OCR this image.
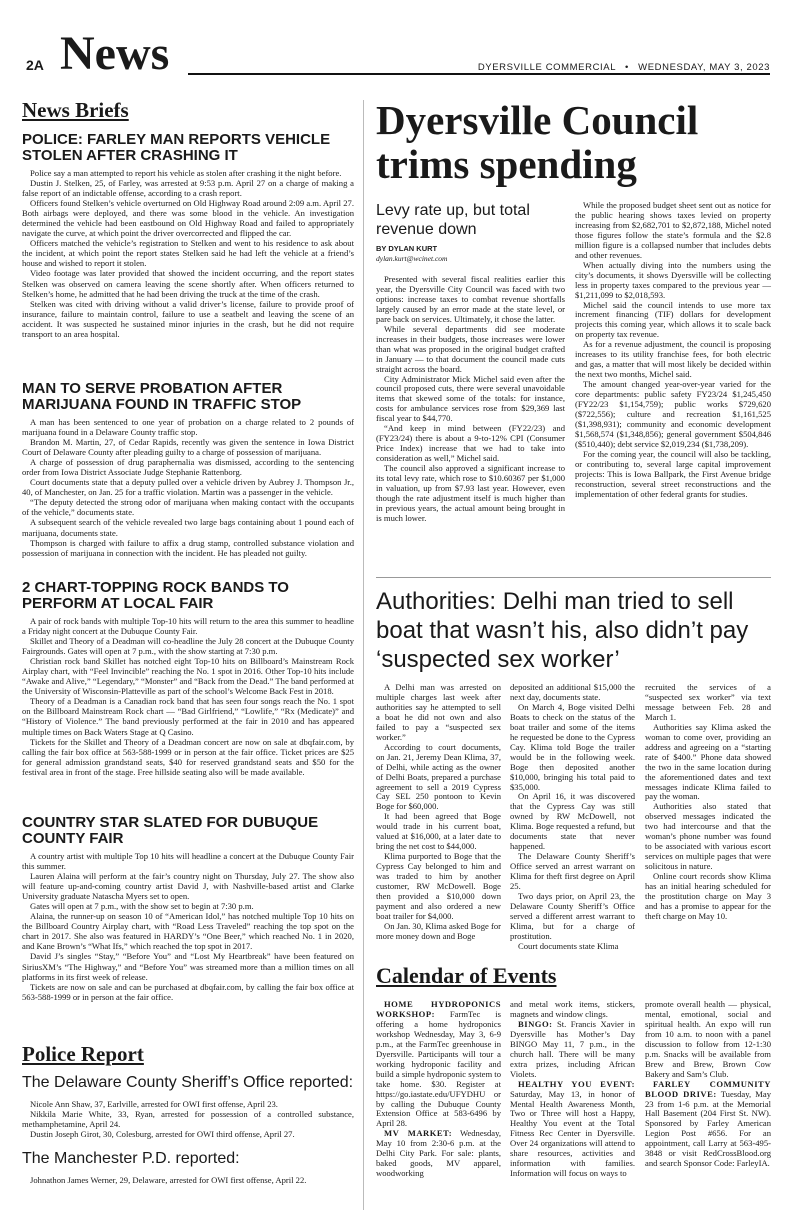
2A News	DYERSVILLE COMMERCIAL • WEDNESDAY, MAY 3, 2023
News Briefs
POLICE: FARLEY MAN REPORTS VEHICLE STOLEN AFTER CRASHING IT

Police say a man attempted to report his vehicle as stolen after crashing it the night before.

Dustin J. Stelken, 25, of Farley, was arrested at 9:53 p.m. April 27 on a charge of making a false report of an indictable offense, according to a crash report.

Officers found Stelken’s vehicle overturned on Old Highway Road around 2:09 a.m. April 27. Both airbags were deployed, and there was some blood in the vehicle. An investigation determined the vehicle had been eastbound on Old Highway Road and failed to appropriately navigate the curve, at which point the driver overcorrected and flipped the car.

Officers matched the vehicle’s registration to Stelken and went to his residence to ask about the incident, at which point the report states Stelken said he had left the vehicle at a friend’s house and wished to report it stolen.

Video footage was later provided that showed the incident occurring, and the report states Stelken was observed on camera leaving the scene shortly after. When officers returned to Stelken’s home, he admitted that he had been driving the truck at the time of the crash.

Stelken was cited with driving without a valid driver’s license, failure to provide proof of insurance, failure to maintain control, failure to use a seatbelt and leaving the scene of an accident. It was suspected he sustained minor injuries in the crash, but he did not require transport to an area hospital.

MAN TO SERVE PROBATION AFTER MARIJUANA FOUND IN TRAFFIC STOP

A man has been sentenced to one year of probation on a charge related to 2 pounds of marijuana found in a Delaware County traffic stop.

Brandon M. Martin, 27, of Cedar Rapids, recently was given the sentence in Iowa District Court of Delaware County after pleading guilty to a charge of possession of marijuana.

A charge of possession of drug paraphernalia was dismissed, according to the sentencing order from Iowa District Associate Judge Stephanie Rattenborg.

Court documents state that a deputy pulled over a vehicle driven by Aubrey J. Thompson Jr., 40, of Manchester, on Jan. 25 for a traffic violation. Martin was a passenger in the vehicle.

“The deputy detected the strong odor of marijuana when making contact with the occupants of the vehicle,” documents state.

A subsequent search of the vehicle revealed two large bags containing about 1 pound each of marijuana, documents state.

Thompson is charged with failure to affix a drug stamp, controlled substance violation and possession of marijuana in connection with the incident. He has pleaded not guilty.

2 CHART-TOPPING ROCK BANDS TO PERFORM AT LOCAL FAIR

A pair of rock bands with multiple Top-10 hits will return to the area this summer to headline a Friday night concert at the Dubuque County Fair.

Skillet and Theory of a Deadman will co-headline the July 28 concert at the Dubuque County Fairgrounds. Gates will open at 7 p.m., with the show starting at 7:30 p.m.

Christian rock band Skillet has notched eight Top-10 hits on Billboard’s Mainstream Rock Airplay chart, with “Feel Invincible” reaching the No. 1 spot in 2016. Other Top-10 hits include “Awake and Alive,” “Legendary,” “Monster” and “Back from the Dead.” The band performed at the University of Wisconsin-Platteville as part of the school’s Welcome Back Fest in 2018.

Theory of a Deadman is a Canadian rock band that has seen four songs reach the No. 1 spot on the Billboard Mainstream Rock chart — “Bad Girlfriend,” “Lowlife,” “Rx (Medicate)” and “History of Violence.” The band previously performed at the fair in 2010 and has appeared multiple times on Back Waters Stage at Q Casino.

Tickets for the Skillet and Theory of a Deadman concert are now on sale at dbqfair.com, by calling the fair box office at 563-588-1999 or in person at the fair office. Ticket prices are $25 for general admission grandstand seats, $40 for reserved grandstand seats and $50 for the festival area in front of the stage. Free hillside seating also will be made available.

COUNTRY STAR SLATED FOR DUBUQUE COUNTY FAIR

A country artist with multiple Top 10 hits will headline a concert at the Dubuque County Fair this summer.

Lauren Alaina will perform at the fair’s country night on Thursday, July 27. The show also will feature up-and-coming country artist David J, with Nashville-based artist and Clarke University graduate Natascha Myers set to open.

Gates will open at 7 p.m., with the show set to begin at 7:30 p.m.

Alaina, the runner-up on season 10 of “American Idol,” has notched multiple Top 10 hits on the Billboard Country Airplay chart, with “Road Less Traveled” reaching the top spot on the chart in 2017. She also was featured in HARDY’s “One Beer,” which reached No. 1 in 2020, and Kane Brown’s “What Ifs,” which reached the top spot in 2017.

David J’s singles “Stay,” “Before You” and “Lost My Heartbreak” have been featured on SiriusXM’s “The Highway,” and “Before You” was streamed more than a million times on all platforms in its first week of release.

Tickets are now on sale and can be purchased at dbqfair.com, by calling the fair box office at 563-588-1999 or in person at the fair office.

Police Report
The Delaware County Sheriff’s Office reported:

Nicole Ann Shaw, 37, Earlville, arrested for OWI first offense, April 23.

Nikkila Marie White, 33, Ryan, arrested for possession of a controlled substance, methamphetamine, April 24.

Dustin Joseph Girot, 30, Colesburg, arrested for OWI third offense, April 27.

The Manchester P.D. reported:

Johnathon James Werner, 29, Delaware, arrested for OWI first offense, April 22.

Dyersville Council trims spending
Levy rate up, but total revenue down
BY DYLAN KURT
dylan.kurt@wcinet.com

Presented with several fiscal realities earlier this year, the Dyersville City Council was faced with two options: increase taxes to combat revenue shortfalls largely caused by an error made at the state level, or pare back on services. Ultimately, it chose the latter.

While several departments did see moderate increases in their budgets, those increases were lower than what was proposed in the original budget crafted in January — to that document the council made cuts straight across the board.

City Administrator Mick Michel said even after the council proposed cuts, there were several unavoidable items that skewed some of the totals: for instance, costs for ambulance services rose from $29,369 last fiscal year to $44,770.

“And keep in mind between (FY22/23) and (FY23/24) there is about a 9-to-12% CPI (Consumer Price Index) increase that we had to take into consideration as well,” Michel said.

The council also approved a significant increase to its total levy rate, which rose to $10.60367 per $1,000 in valuation, up from $7.93 last year. However, even though the rate adjustment itself is much higher than in previous years, the actual amount being brought in is much lower.

While the proposed budget sheet sent out as notice for the public hearing shows taxes levied on property increasing from $2,682,701 to $2,872,188, Michel noted those figures follow the state’s formula and the $2.8 million figure is a collapsed number that includes debts and other revenues.

When actually diving into the numbers using the city’s documents, it shows Dyersville will be collecting less in property taxes compared to the previous year — $1,211,099 to $2,018,593.

Michel said the council intends to use more tax increment financing (TIF) dollars for development projects this coming year, which allows it to scale back on property tax revenue.

As for a revenue adjustment, the council is proposing increases to its utility franchise fees, for both electric and gas, a matter that will most likely be decided within the next two months, Michel said.

The amount changed year-over-year varied for the core departments: public safety FY23/24 $1,245,450 (FY22/23 $1,154,759); public works $729,620 ($722,556); culture and recreation $1,161,525 ($1,398,931); community and economic development $1,568,574 ($1,348,856); general government $504,846 ($510,440); debt service $2,019,234 ($1,738,209).

For the coming year, the council will also be tackling, or contributing to, several large capital improvement projects: This is Iowa Ballpark, the First Avenue bridge reconstruction, several street reconstructions and the implementation of other federal grants for studies.

Authorities: Delhi man tried to sell boat that wasn’t his, also didn’t pay ‘suspected sex worker’

A Delhi man was arrested on multiple charges last week after authorities say he attempted to sell a boat he did not own and also failed to pay a “suspected sex worker.”

According to court documents, on Jan. 21, Jeremy Dean Klima, 37, of Delhi, while acting as the owner of Delhi Boats, prepared a purchase agreement to sell a 2019 Cypress Cay SEL 250 pontoon to Kevin Boge for $60,000.

It had been agreed that Boge would trade in his current boat, valued at $16,000, at a later date to bring the net cost to $44,000.

Klima purported to Boge that the Cypress Cay belonged to him and was traded to him by another customer, RW McDowell. Boge then provided a $10,000 down payment and also ordered a new boat trailer for $4,000.

On Jan. 30, Klima asked Boge for more money down and Boge

deposited an additional $15,000 the next day, documents state.

On March 4, Boge visited Delhi Boats to check on the status of the boat trailer and some of the items he requested be done to the Cypress Cay. Klima told Boge the trailer would be in the following week. Boge then deposited another $10,000, bringing his total paid to $35,000.

On April 16, it was discovered that the Cypress Cay was still owned by RW McDowell, not Klima. Boge requested a refund, but documents state that never happened.

The Delaware County Sheriff’s Office served an arrest warrant on Klima for theft first degree on April 25.

Two days prior, on April 23, the Delaware County Sheriff’s Office served a different arrest warrant to Klima, but for a charge of prostitution.

Court documents state Klima

recruited the services of a “suspected sex worker” via text message between Feb. 28 and March 1.

Authorities say Klima asked the woman to come over, providing an address and agreeing on a “starting rate of $400.” Phone data showed the two in the same location during the aforementioned dates and text messages indicate Klima failed to pay the woman.

Authorities also stated that observed messages indicated the two had intercourse and that the woman’s phone number was found to be associated with various escort services on multiple pages that were solicitous in nature.

Online court records show Klima has an initial hearing scheduled for the prostitution charge on May 3 and has a promise to appear for the theft charge on May 10.

Calendar of Events

HOME HYDROPONICS WORKSHOP: FarmTec is offering a home hydroponics workshop Wednesday, May 3, 6-9 p.m., at the FarmTec greenhouse in Dyersville. Participants will tour a working hydroponic facility and build a simple hydroponic system to take home. $30. Register at https://go.iastate.edu/UFYDHU or by calling the Dubuque County Extension Office at 583-6496 by April 28.

MV MARKET: Wednesday, May 10 from 2:30-6 p.m. at the Delhi City Park. For sale: plants, baked goods, MV apparel, woodworking

and metal work items, stickers, magnets and window clings.

BINGO: St. Francis Xavier in Dyersville has Mother’s Day BINGO May 11, 7 p.m., in the church hall. There will be many extra prizes, including African Violets.

HEALTHY YOU EVENT: Saturday, May 13, in honor of Mental Health Awareness Month, Two or Three will host a Happy, Healthy You event at the Total Fitness Rec Center in Dyersville. Over 24 organizations will attend to share resources, activities and information with families. Information will focus on ways to

promote overall health — physical, mental, emotional, social and spiritual health. An expo will run from 10 a.m. to noon with a panel discussion to follow from 12-1:30 p.m. Snacks will be available from Brew and Brew, Brown Cow Bakery and Sam’s Club.

FARLEY COMMUNITY BLOOD DRIVE: Tuesday, May 23 from 1-6 p.m. at the Memorial Hall Basement (204 First St. NW). Sponsored by Farley American Legion Post #656. For an appointment, call Larry at 563-495-3848 or visit RedCrossBlood.org and search Sponsor Code: FarleyIA.
